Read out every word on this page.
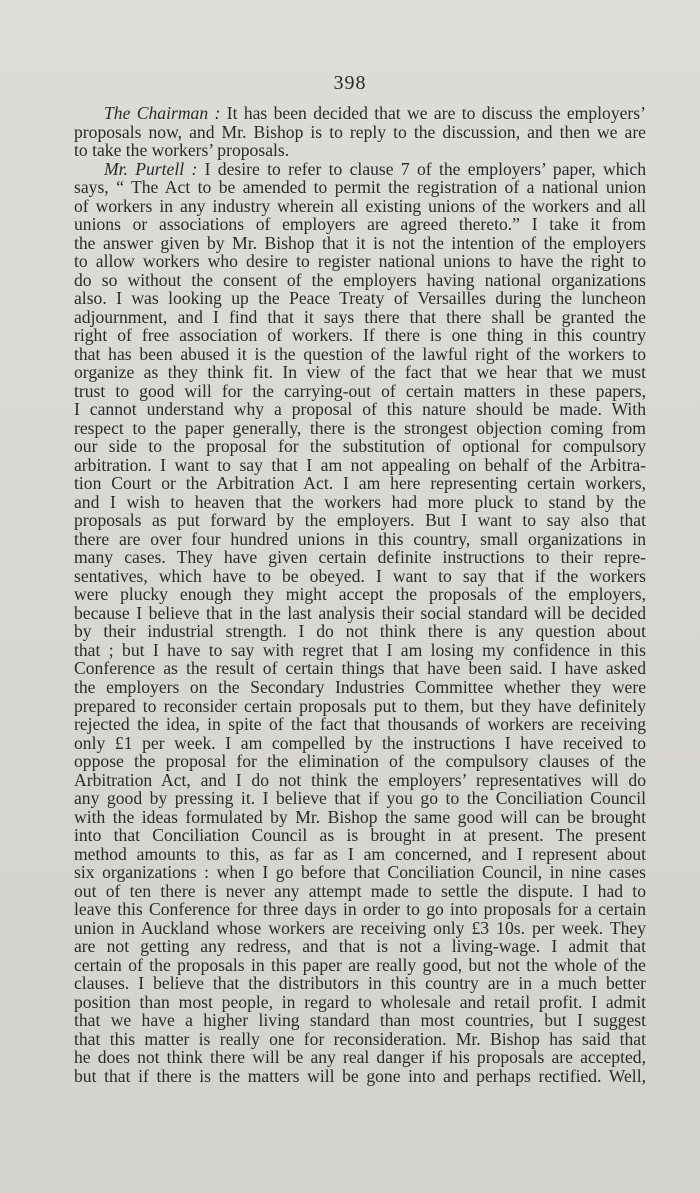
398
The Chairman : It has been decided that we are to discuss the employers’
proposals now, and Mr. Bishop is to reply to the discussion, and then we are
to take the workers’ proposals.
Mr. Purtell : I desire to refer to clause 7 of the employers’ paper, which
says, “ The Act to be amended to permit the registration of a national union
of workers in any industry wherein all existing unions of the workers and all
unions or associations of employers are agreed thereto.” I take it from
the answer given by Mr. Bishop that it is not the intention of the employers
to allow workers who desire to register national unions to have the right to
do so without the consent of the employers having national organizations
also. I was looking up the Peace Treaty of Versailles during the luncheon
adjournment, and I find that it says there that there shall be granted the
right of free association of workers. If there is one thing in this country
that has been abused it is the question of the lawful right of the workers to
organize as they think fit. In view of the fact that we hear that we must
trust to good will for the carrying-out of certain matters in these papers,
I cannot understand why a proposal of this nature should be made. With
respect to the paper generally, there is the strongest objection coming from
our side to the proposal for the substitution of optional for compulsory
arbitration. I want to say that I am not appealing on behalf of the Arbitra-
tion Court or the Arbitration Act. I am here representing certain workers,
and I wish to heaven that the workers had more pluck to stand by the
proposals as put forward by the employers. But I want to say also that
there are over four hundred unions in this country, small organizations in
many cases. They have given certain definite instructions to their repre-
sentatives, which have to be obeyed. I want to say that if the workers
were plucky enough they might accept the proposals of the employers,
because I believe that in the last analysis their social standard will be decided
by their industrial strength. I do not think there is any question about
that ; but I have to say with regret that I am losing my confidence in this
Conference as the result of certain things that have been said. I have asked
the employers on the Secondary Industries Committee whether they were
prepared to reconsider certain proposals put to them, but they have definitely
rejected the idea, in spite of the fact that thousands of workers are receiving
only £1 per week. I am compelled by the instructions I have received to
oppose the proposal for the elimination of the compulsory clauses of the
Arbitration Act, and I do not think the employers’ representatives will do
any good by pressing it. I believe that if you go to the Conciliation Council
with the ideas formulated by Mr. Bishop the same good will can be brought
into that Conciliation Council as is brought in at present. The present
method amounts to this, as far as I am concerned, and I represent about
six organizations : when I go before that Conciliation Council, in nine cases
out of ten there is never any attempt made to settle the dispute. I had to
leave this Conference for three days in order to go into proposals for a certain
union in Auckland whose workers are receiving only £3 10s. per week. They
are not getting any redress, and that is not a living-wage. I admit that
certain of the proposals in this paper are really good, but not the whole of the
clauses. I believe that the distributors in this country are in a much better
position than most people, in regard to wholesale and retail profit. I admit
that we have a higher living standard than most countries, but I suggest
that this matter is really one for reconsideration. Mr. Bishop has said that
he does not think there will be any real danger if his proposals are accepted,
but that if there is the matters will be gone into and perhaps rectified. Well,
